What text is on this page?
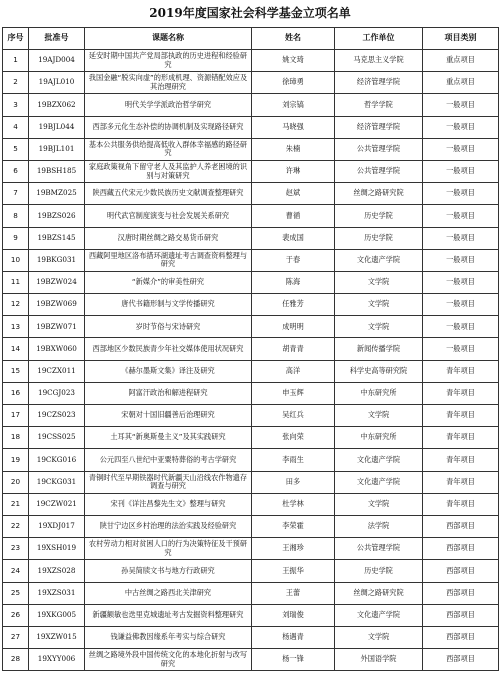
2019年度国家社会科学基金立项名单
序号	批准号	课题名称	姓名	工作单位	项目类别
1	19AJD004	延安时期中国共产党局部执政的历史进程和经验研究	姚文琦	马克思主义学院	重点项目
2	19AJL010	我国金融“脱实向虚”的形成机理、资源错配效应及其治理研究	徐璋勇	经济管理学院	重点项目
3	19BZX062	明代关学学派政治哲学研究	刘宗镐	哲学学院	一般项目
4	19BJL044	西部多元化生态补偿的协调机制及实现路径研究	马晓强	经济管理学院	一般项目
5	19BJL101	基本公共服务供给提高低收入群体幸福感的路径研究	朱楠	公共管理学院	一般项目
6	19BSH185	家庭政策视角下留守老人及其监护人养老困境的识别与对策研究	许琳	公共管理学院	一般项目
7	19BMZ025	陕西藏五代宋元少数民族历史文献调查整理研究	赵斌	丝绸之路研究院	一般项目
8	19BZS026	明代武官制度演变与社会发展关系研究	曹循	历史学院	一般项目
9	19BZS145	汉唐时期丝绸之路交易货币研究	裴成国	历史学院	一般项目
10	19BKG031	西藏阿里地区洛布措环湖遗址考古调查资料整理与研究	于春	文化遗产学院	一般项目
11	19BZW024	“新媒介”的审美性研究	陈海	文学院	一般项目
12	19BZW069	唐代书籍形制与文学传播研究	任雅芳	文学院	一般项目
13	19BZW071	岁时节俗与宋诗研究	成明明	文学院	一般项目
14	19BXW060	西部地区少数民族青少年社交媒体使用状况研究	胡青青	新闻传播学院	一般项目
15	19CZX011	《赫尔墨斯文集》译注及研究	高洋	科学史高等研究院	青年项目
16	19CGJ023	阿富汗政治和解进程研究	申玉辉	中东研究所	青年项目
17	19CZS023	宋朝对十国旧疆善后治理研究	吴红兵	文学院	青年项目
18	19CSS025	土耳其“新奥斯曼主义”及其实践研究	张向荣	中东研究所	青年项目
19	19CKG016	公元四至八世纪中亚粟特葬俗的考古学研究	李雨生	文化遗产学院	青年项目
20	19CKG031	青铜时代至早期铁器时代新疆天山沿线农作物遗存调查与研究	田多	文化遗产学院	青年项目
21	19CZW021	宋刊《详注昌黎先生文》整理与研究	杜学林	文学院	青年项目
22	19XDJ017	陕甘宁边区乡村治理的法治实践及经验研究	李荣霍	法学院	西部项目
23	19XSH019	农村劳动力相对贫困人口的行为决策特征及干预研究	王湘珍	公共管理学院	西部项目
24	19XZS028	孙吴简牍文书与地方行政研究	王振华	历史学院	西部项目
25	19XZS031	中古丝绸之路西北关津研究	王蕾	丝绸之路研究院	西部项目
26	19XKG005	新疆额敏也迭里克城遗址考古发掘资料整理研究	刘瑞俊	文化遗产学院	西部项目
27	19XZW015	钱谦益佛教因缘系年考实与综合研究	杨遇青	文学院	西部项目
28	19XYY006	丝绸之路境外段中国传统文化的本地化折射与改写研究	杨一锋	外国语学院	西部项目
